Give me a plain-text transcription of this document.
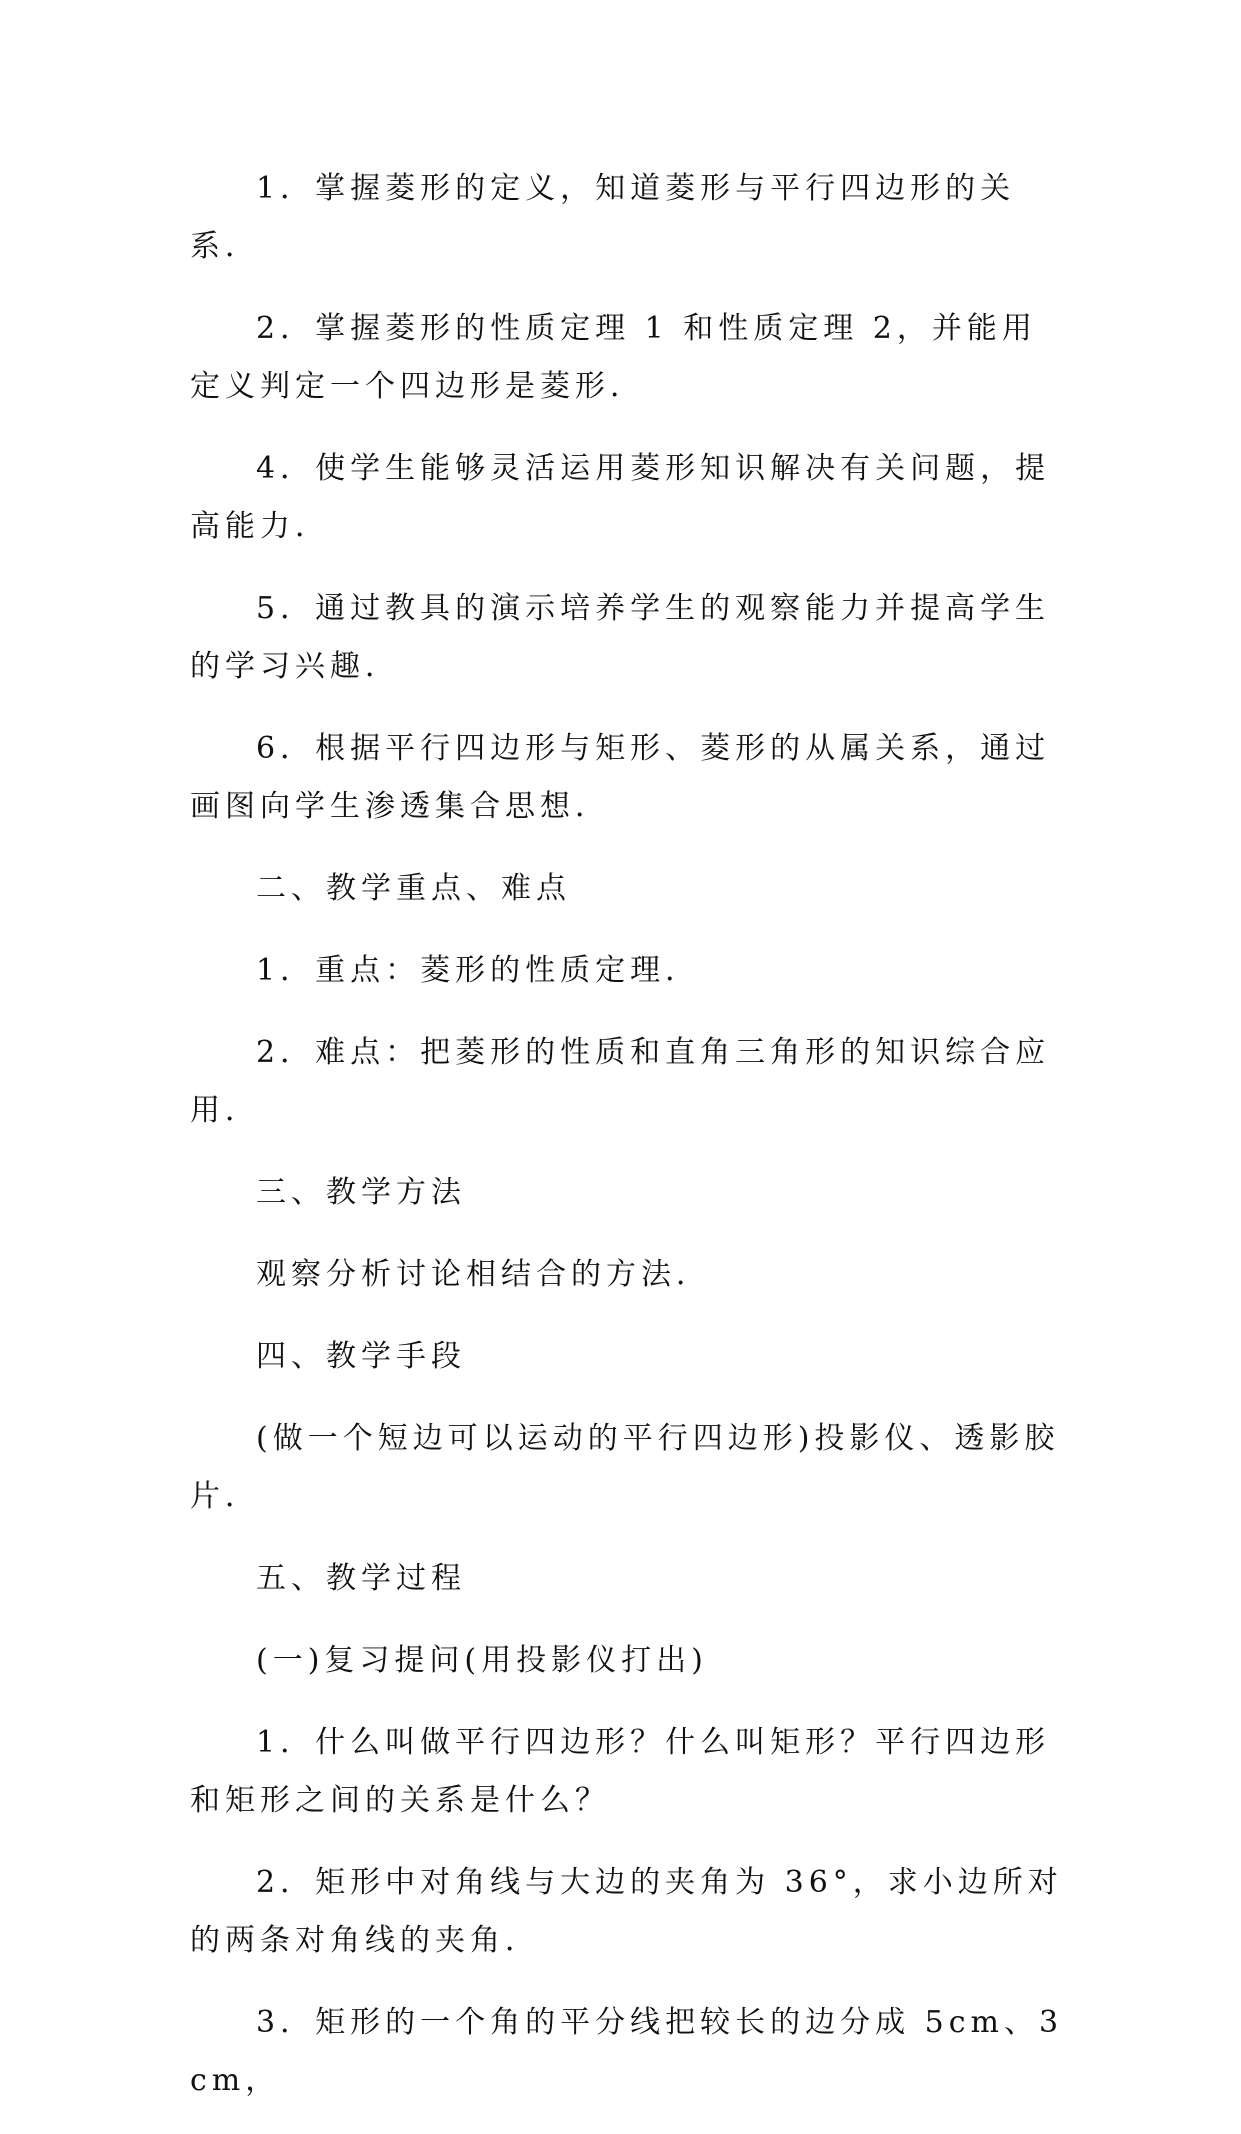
1．掌握菱形的定义，知道菱形与平行四边形的关系．

2．掌握菱形的性质定理 1 和性质定理 2，并能用定义判定一个四边形是菱形．

4．使学生能够灵活运用菱形知识解决有关问题，提高能力．

5．通过教具的演示培养学生的观察能力并提高学生的学习兴趣．

6．根据平行四边形与矩形、菱形的从属关系，通过画图向学生渗透集合思想．

二、教学重点、难点

1．重点：菱形的性质定理．

2．难点：把菱形的性质和直角三角形的知识综合应用．

三、教学方法

观察分析讨论相结合的方法．

四、教学手段

(做一个短边可以运动的平行四边形)投影仪、透影胶片．

五、教学过程

(一)复习提问(用投影仪打出)

1．什么叫做平行四边形？什么叫矩形？平行四边形和矩形之间的关系是什么？

2．矩形中对角线与大边的夹角为 36°，求小边所对的两条对角线的夹角．

3．矩形的一个角的平分线把较长的边分成 5cm、3cm，
